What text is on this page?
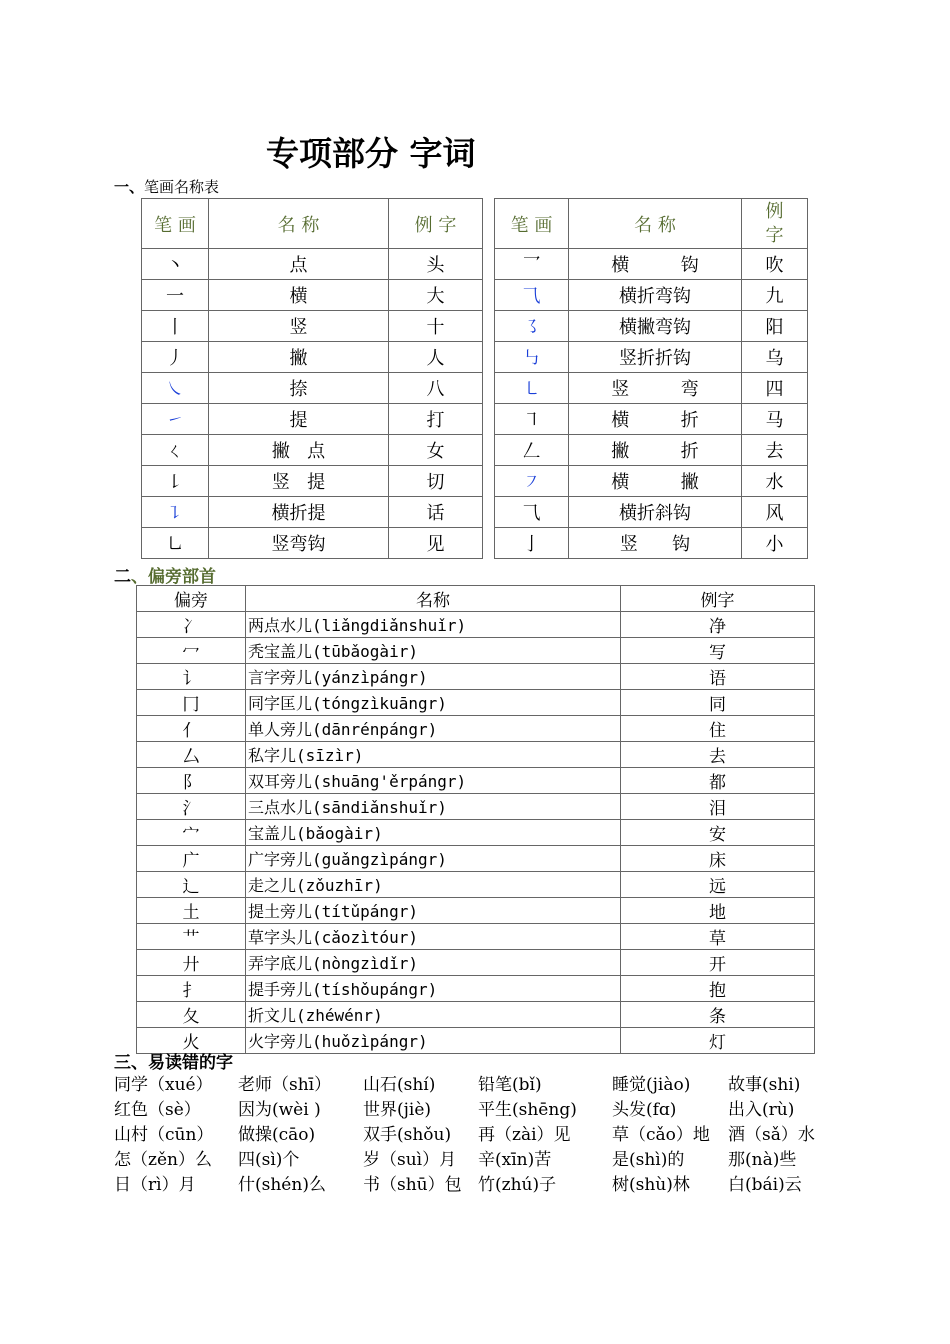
专项部分 字词
一、笔画名称表
笔 画	名 称	例 字
丶	点	头
一	横	大
丨	竖	十
丿	撇	人
㇏	捺	八
㇀	提	打
ㄑ	撇   点	女
㇙	竖   提	切
㇊	横折提	话
㇟	竖弯钩	见
笔 画	名 称	例
字
乛	横         钩	吹
⺄	横折弯钩	九
㇌	横撇弯钩	阳
㇉	竖折折钩	乌
㇄	竖         弯	四
㇕	横         折	马
𠃋	撇         折	去
㇇	横         撇	水
⺄	横折斜钩	风
亅	竖      钩	小
二、偏旁部首
偏旁	名称	例字
冫	两点水儿(liǎngdiǎnshuǐr)	净
冖	秃宝盖儿(tūbǎogàir)	写
讠	言字旁儿(yánzìpángr)	语
冂	同字匡儿(tóngzìkuāngr)	同
亻	单人旁儿(dānrénpángr)	住
厶	私字儿(sīzìr)	去
阝	双耳旁儿(shuāng'ěrpángr)	都
氵	三点水儿(sāndiǎnshuǐr)	泪
宀	宝盖儿(bǎogàir)	安
广	广字旁儿(guǎngzìpángr)	床
辶	走之儿(zǒuzhīr)	远
土	提土旁儿(títǔpángr)	地
艹	草字头儿(cǎozìtóur)	草
廾	弄字底儿(nòngzìdǐr)	开
扌	提手旁儿(tíshǒupángr)	抱
夂	折文儿(zhéwénr)	条
火	火字旁儿(huǒzìpángr)	灯
三、易读错的字
同学（xué） 老师（shī） 山石(shí)	铅笔(bǐ)	睡觉(jiào) 故事(shi)
红色（sè） 因为(wèi ) 世界(jiè)	平生(shēng) 头发(fɑ)	出入(rù)
山村（cūn） 做操(cāo)	双手(shǒu) 再（zài）见 草（cǎo）地 酒（sǎ）水
怎（zěn）么 四(sì)个	岁（suì）月 辛(xīn)苦	是(shì)的	那(nà)些
日（rì）月 什(shén)么 书（shū）包 竹(zhú)子	树(shù)林 白(bái)云
